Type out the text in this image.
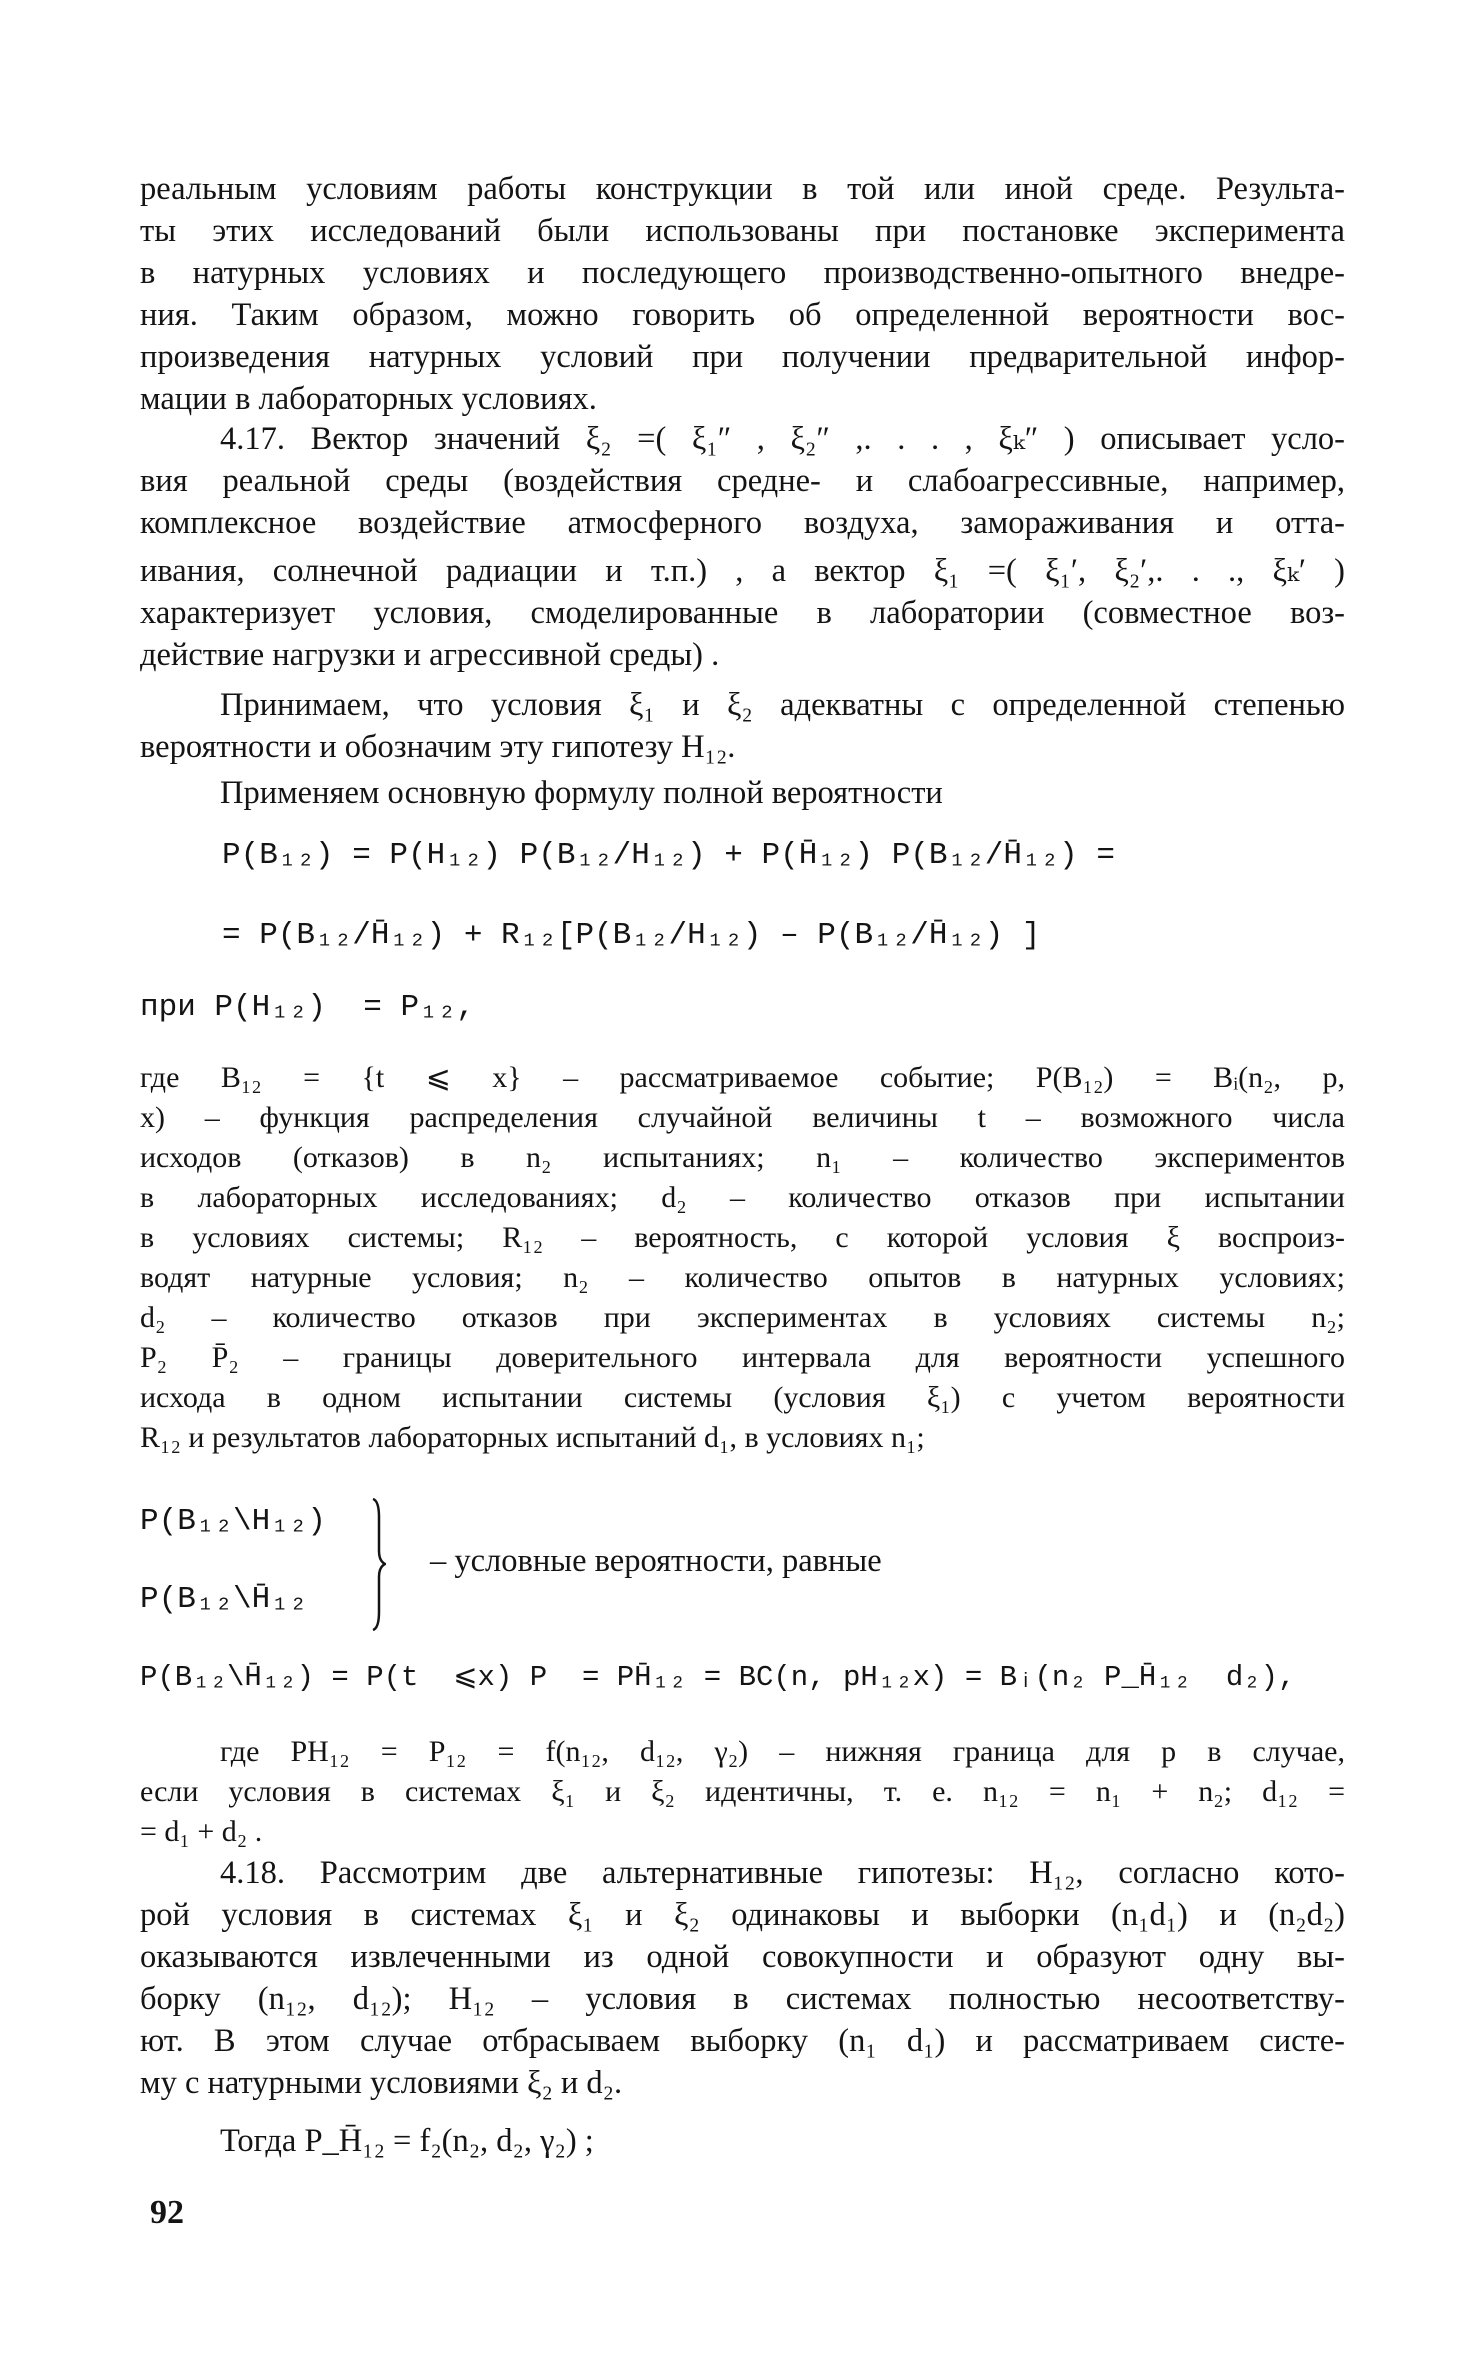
реальным условиям работы конструкции в той или иной среде. Результа-

ты этих исследований были использованы при постановке эксперимента

в натурных условиях и последующего производственно-опытного внедре-

ния. Таким образом, можно говорить об определенной вероятности вос-

произведения натурных условий при получении предварительной инфор-

мации в лабораторных условиях.

4.17. Вектор значений ξ₂ =( ξ₁″ , ξ₂″ ,. . . , ξₖ″ ) описывает усло-

вия реальной среды (воздействия средне- и слабоагрессивные, например,

комплексное воздействие атмосферного воздуха, замораживания и отта-

ивания, солнечной радиации и т.п.) , а вектор ξ₁ =( ξ₁′, ξ₂′,. . ., ξₖ′ )

характеризует условия, смоделированные в лаборатории (совместное воз-

действие нагрузки и агрессивной среды) .

Принимаем, что условия ξ₁ и ξ₂ адекватны с определенной степенью

вероятности и обозначим эту гипотезу H₁₂.

Применяем основную формулу полной вероятности

P(B₁₂) = P(H₁₂) P(B₁₂/H₁₂) + P(H̄₁₂) P(B₁₂/H̄₁₂) =
= P(B₁₂/H̄₁₂) + R₁₂[P(B₁₂/H₁₂) – P(B₁₂/H̄₁₂) ]
при P(H₁₂)  = P₁₂,

где B₁₂ = {t ⩽ x} – рассматриваемое событие; P(B₁₂) = Bᵢ(n₂, p,

x) – функция распределения случайной величины t – возможного числа

исходов (отказов) в n₂ испытаниях; n₁ – количество экспериментов

в лабораторных исследованиях; d₂ – количество отказов при испытании

в условиях системы; R₁₂ – вероятность, с которой условия ξ воспроиз-

водят натурные условия; n₂ – количество опытов в натурных условиях;

d₂ – количество отказов при экспериментах в условиях системы n₂;

P₂ P̄₂ – границы доверительного интервала для вероятности успешного

исхода в одном испытании системы (условия ξ₁) с учетом вероятности

R₁₂ и результатов лабораторных испытаний d₁, в условиях n₁;

P(B₁₂\H₁₂)
P(B₁₂\H̄₁₂
– условные вероятности, равные
P(B₁₂\H̄₁₂) = P(t  ⩽x) P  = PH̄₁₂ = BC(n, pH₁₂x) = Bᵢ(n₂ P_H̄₁₂  d₂),

где PH₁₂ = P₁₂ = f(n₁₂, d₁₂, γ₂) – нижняя граница для p в случае,

если условия в системах ξ₁ и ξ₂ идентичны, т. е. n₁₂ = n₁ + n₂; d₁₂ =

= d₁ + d₂ .

4.18. Рассмотрим две альтернативные гипотезы: H₁₂, согласно кото-

рой условия в системах ξ₁ и ξ₂ одинаковы и выборки (n₁d₁) и (n₂d₂)

оказываются извлеченными из одной совокупности и образуют одну вы-

борку (n₁₂, d₁₂); H₁₂ – условия в системах полностью несоответству-

ют. В этом случае отбрасываем выборку (n₁ d₁) и рассматриваем систе-

му с натурными условиями ξ₂ и d₂.

Тогда P_H̄₁₂ = f₂(n₂, d₂, γ₂) ;

92
